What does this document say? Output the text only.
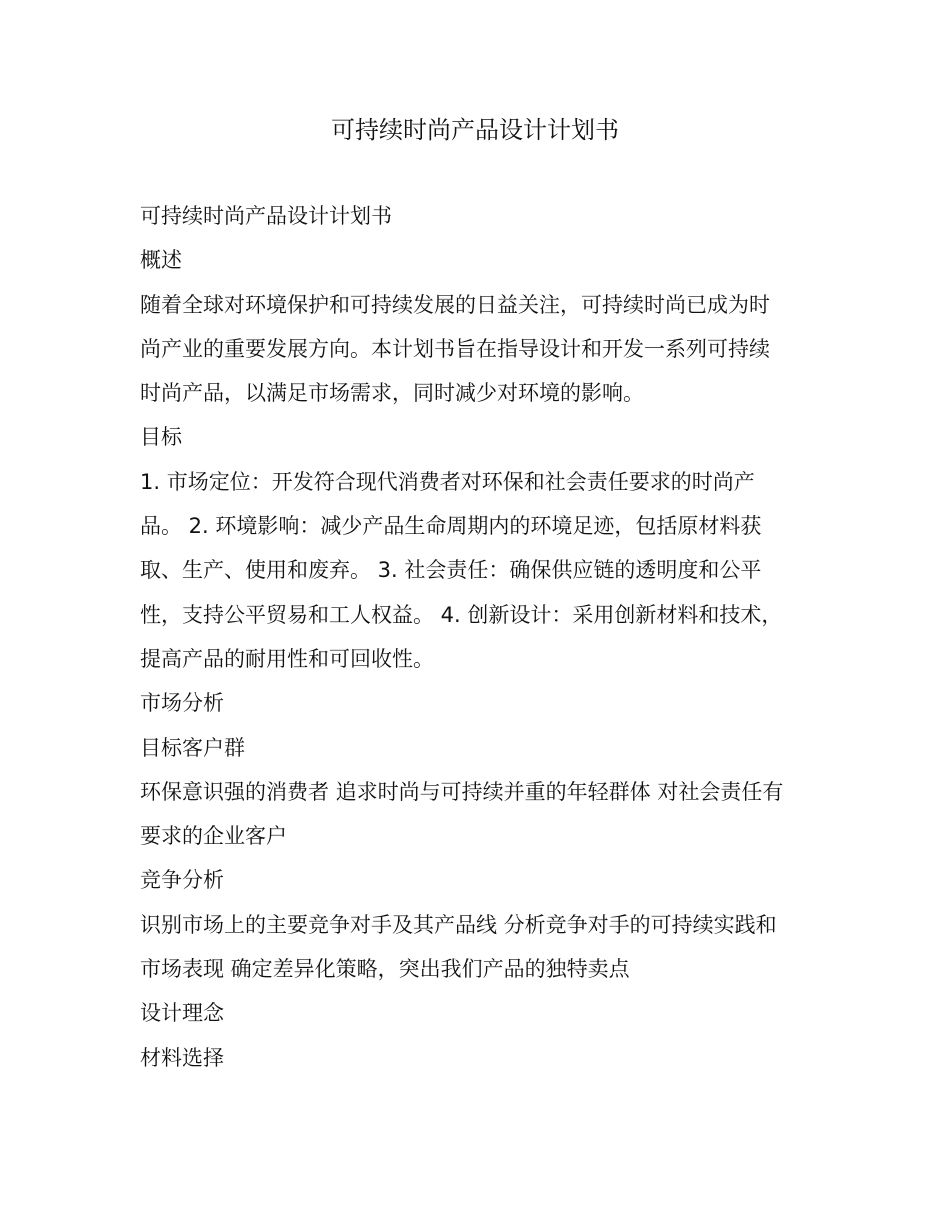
可持续时尚产品设计计划书

可持续时尚产品设计计划书

概述

随着全球对环境保护和可持续发展的日益关注，可持续时尚已成为时

尚产业的重要发展方向。本计划书旨在指导设计和开发一系列可持续

时尚产品，以满足市场需求，同时减少对环境的影响。

目标

1. 市场定位：开发符合现代消费者对环保和社会责任要求的时尚产

品。 2. 环境影响：减少产品生命周期内的环境足迹，包括原材料获

取、生产、使用和废弃。 3. 社会责任：确保供应链的透明度和公平

性，支持公平贸易和工人权益。 4. 创新设计：采用创新材料和技术，

提高产品的耐用性和可回收性。

市场分析

目标客户群

环保意识强的消费者 追求时尚与可持续并重的年轻群体 对社会责任有

要求的企业客户

竞争分析

识别市场上的主要竞争对手及其产品线 分析竞争对手的可持续实践和

市场表现 确定差异化策略，突出我们产品的独特卖点

设计理念

材料选择
